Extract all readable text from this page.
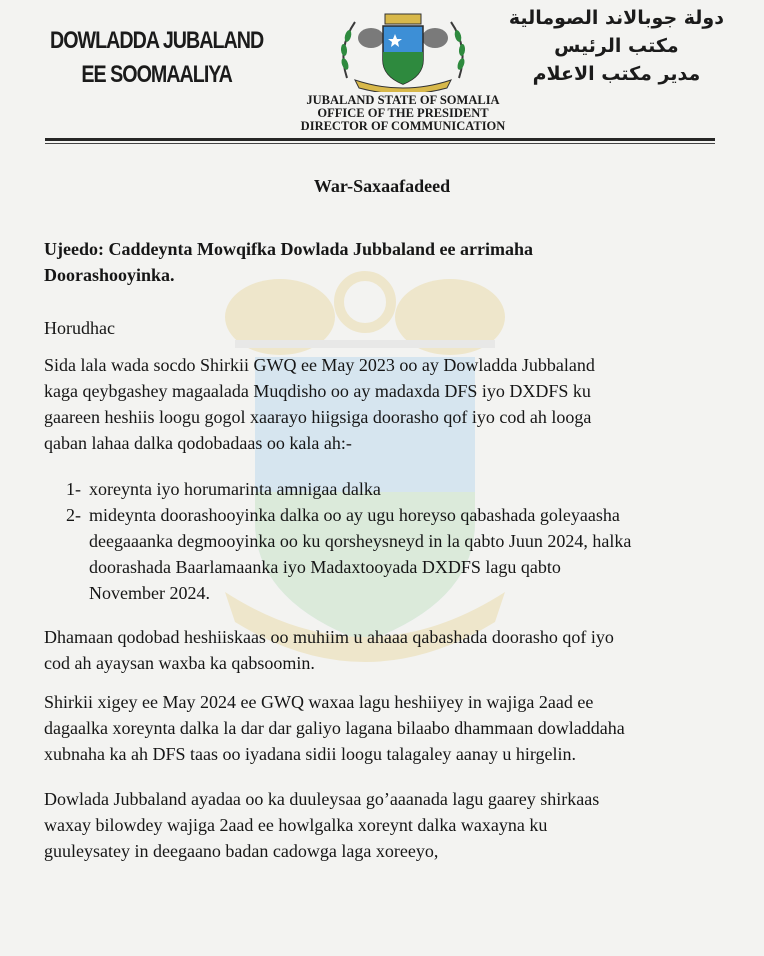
DOWLADDA JUBALAND
EE SOOMAALIYA
دولة جوبالاند الصومالية
مكتب الرئيس
مدير مكتب الاعلام
JUBALAND STATE OF SOMALIA
OFFICE OF THE PRESIDENT
DIRECTOR OF COMMUNICATION
War-Saxaafadeed
Ujeedo: Caddeynta Mowqifka Dowlada Jubbaland ee arrimaha
Doorashooyinka.
Horudhac
Sida lala wada socdo Shirkii GWQ ee May 2023 oo ay Dowladda Jubbaland
kaga qeybgashey magaalada Muqdisho oo ay madaxda DFS iyo DXDFS ku
gaareen heshiis loogu gogol xaarayo hiigsiga doorasho qof iyo cod ah looga
qaban lahaa dalka qodobadaas oo kala ah:-
1- xoreynta iyo horumarinta amnigaa dalka
2- mideynta doorashooyinka dalka oo ay ugu horeyso qabashada goleyaasha
deegaaanka degmooyinka oo ku qorsheysneyd in la qabto Juun 2024, halka
doorashada Baarlamaanka iyo Madaxtooyada DXDFS lagu qabto
November 2024.
Dhamaan qodobad heshiiskaas oo muhiim u ahaaa qabashada doorasho qof iyo
cod ah ayaysan waxba ka qabsoomin.
Shirkii xigey ee May 2024 ee GWQ waxaa lagu heshiiyey in wajiga 2aad ee
dagaalka xoreynta dalka la dar dar galiyo lagana bilaabo dhammaan dowladdaha
xubnaha ka ah DFS taas oo iyadana sidii loogu talagaley aanay u hirgelin.
Dowlada Jubbaland ayadaa oo ka duuleysaa go’aaanada lagu gaarey shirkaas
waxay bilowdey wajiga 2aad ee howlgalka xoreynt dalka waxayna ku
guuleysatey in deegaano badan cadowga laga xoreeyo,
